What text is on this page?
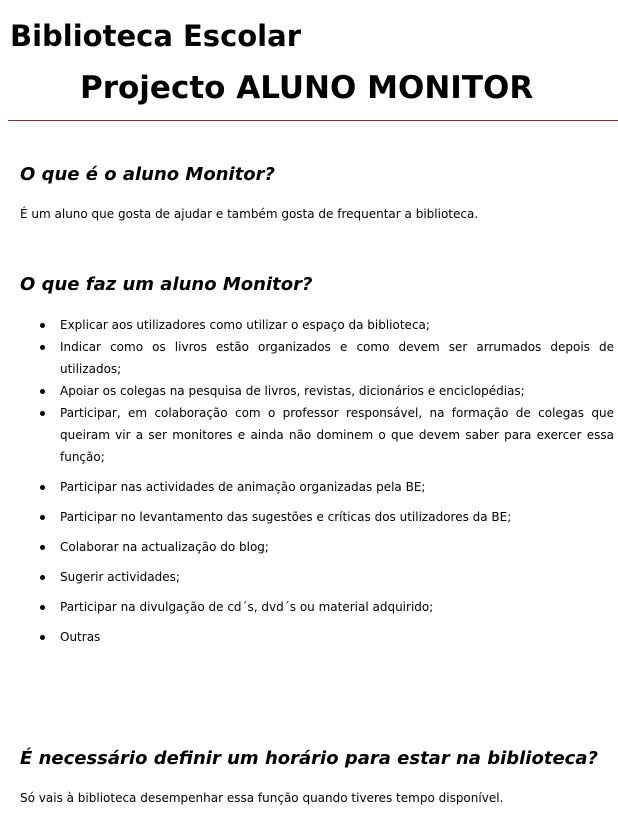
Biblioteca Escolar
Projecto ALUNO MONITOR
O que é o aluno Monitor?

É um aluno que gosta de ajudar e também gosta de frequentar a biblioteca.

O que faz um aluno Monitor?
Explicar aos utilizadores como utilizar o espaço da biblioteca;
Indicar como os livros estão organizados e como devem ser arrumados depois de utilizados;
Apoiar os colegas na pesquisa de livros, revistas, dicionários e enciclopédias;
Participar, em colaboração com o professor responsável, na formação de colegas que queiram vir a ser monitores e ainda não dominem o que devem saber para exercer essa função;
Participar nas actividades de animação organizadas pela BE;
Participar no levantamento das sugestões e críticas dos utilizadores da BE;
Colaborar na actualização do blog;
Sugerir actividades;
Participar na divulgação de cd´s, dvd´s ou material adquirido;
Outras
É necessário definir um horário para estar na biblioteca?

Só vais à biblioteca desempenhar essa função quando tiveres tempo disponível.
